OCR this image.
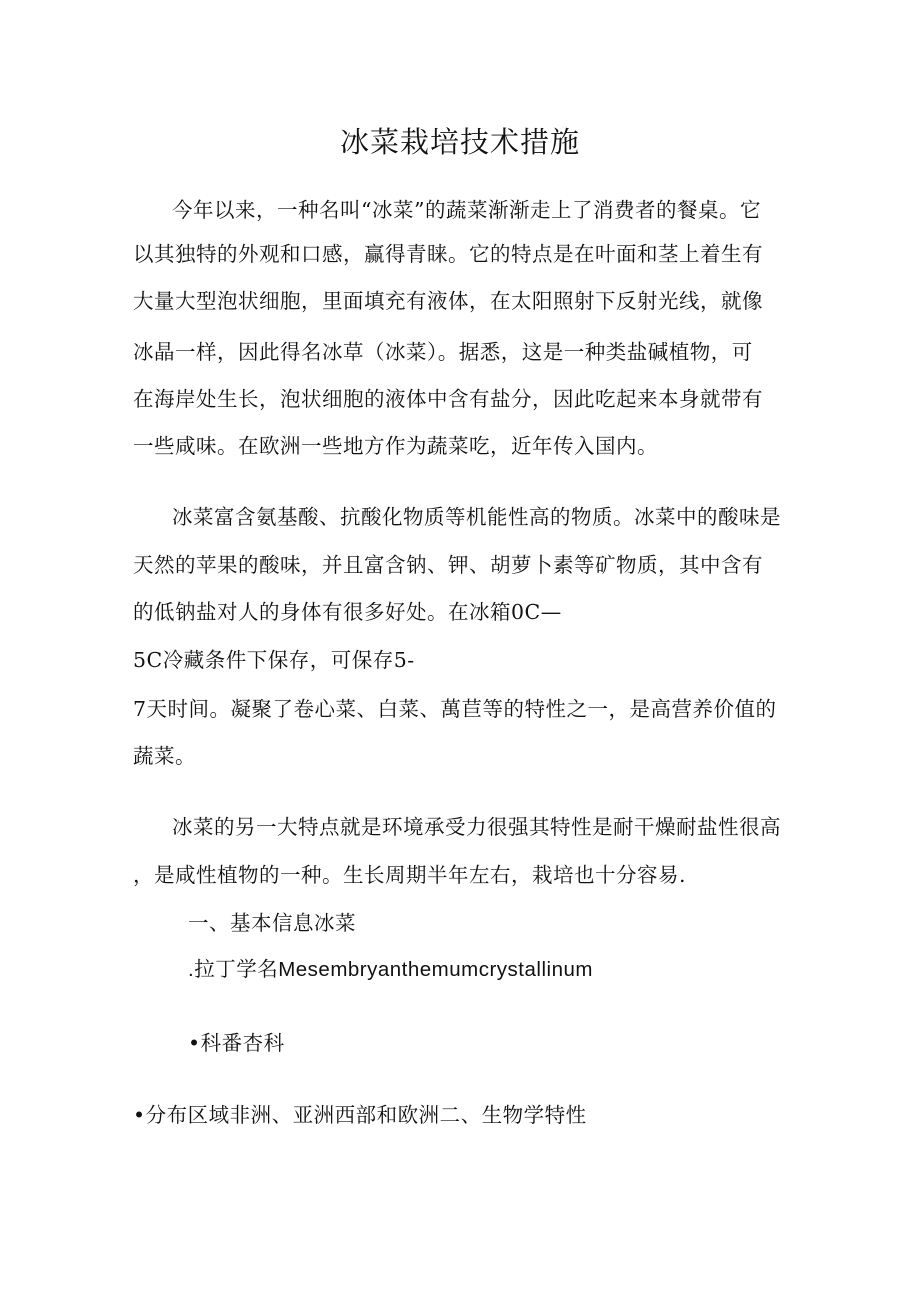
冰菜栽培技术措施

今年以来，一种名叫“冰菜”的蔬菜渐渐走上了消费者的餐桌。它

以其独特的外观和口感，赢得青睐。它的特点是在叶面和茎上着生有

大量大型泡状细胞，里面填充有液体，在太阳照射下反射光线，就像

冰晶一样，因此得名冰草（冰菜）。据悉，这是一种类盐碱植物，可

在海岸处生长，泡状细胞的液体中含有盐分，因此吃起来本身就带有

一些咸味。在欧洲一些地方作为蔬菜吃，近年传入国内。

冰菜富含氨基酸、抗酸化物质等机能性高的物质。冰菜中的酸味是

天然的苹果的酸味，并且富含钠、钾、胡萝卜素等矿物质，其中含有

的低钠盐对人的身体有很多好处。在冰箱0C—

5C冷藏条件下保存，可保存5-

7天时间。凝聚了卷心菜、白菜、萬苣等的特性之一，是高营养价值的

蔬菜。

冰菜的另一大特点就是环境承受力很强其特性是耐干燥耐盐性很高

，是咸性植物的一种。生长周期半年左右，栽培也十分容易.

一、基本信息冰菜

.拉丁学名Mesembryanthemumcrystallinum

•科番杏科

•分布区域非洲、亚洲西部和欧洲二、生物学特性
